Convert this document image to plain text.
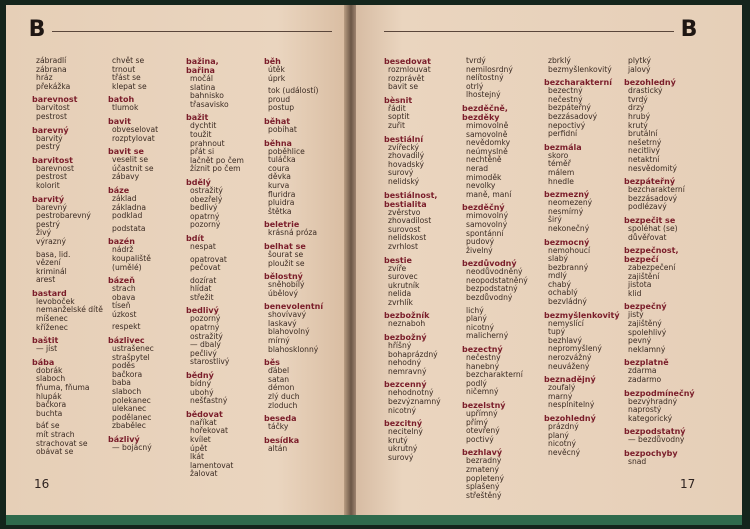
B
zábradlí
zábrana
hráz
překážka
barevnost
barvitost
pestrost
barevný
barvitý
pestrý
barvitost
barevnost
pestrost
kolorit
barvitý
barevný
pestrobarevný
pestrý
živý
výrazný
basa, lid.
vězení
kriminál
arest
bastard
levoboček
nemanželské dítě
míšenec
kříženec
baštit
— jíst
bába
dobrák
slaboch
fňuma, fňuma
hlupák
bačkora
buchta
báť se
mít strach
strachovat se
obávat se
chvět se
trnout
třást se
klepat se
batoh
tlumok
bavit
obveselovat
rozptylovat
bavit se
veselit se
účastnit se
zábavy
báze
základ
základna
podklad
podstata
bazén
nádrž
koupaliště
(umělé)
bázeň
strach
obava
tíseň
úzkost
respekt
bázlivec
ustrašenec
strašpytel
poděs
bačkora
baba
slaboch
polekanec
ulekanec
podělanec
zbabělec
bázlivý
— bojácný
bažina, bařina
močál
slatina
bahnisko
třasavisko
bažit
dychtit
toužit
prahnout
přát si
lačnět po čem
žíznit po čem
bdělý
ostražitý
obezřelý
bedlivý
opatrný
pozorný
bdít
nespat
opatrovat
pečovat
dozírat
hlídat
střežit
bedlivý
pozorný
opatrný
ostražitý
— dbalý
pečlivý
starostlivý
bědný
bídný
ubohý
nešťastný
bědovat
naříkat
hořekovat
kvílet
úpět
lkát
lamentovat
žalovat
běh
útěk
úprk
tok (událostí)
proud
postup
běhat
pobíhat
běhna
poběhlice
tuláčka
coura
děvka
kurva
fluridra
pluidra
štětka
beletrie
krásná próza
belhat se
šourat se
ploužit se
bělostný
sněhobílý
úbělový
benevolentní
shovívavý
laskavý
blahovolný
mírný
blahosklonný
běs
ďábel
satan
démon
zlý duch
zloduch
beseda
táčky
besídka
altán
16
B
besedovat
rozmlouvat
rozprávět
bavit se
bèsnit
řádit
soptit
zuřit
bestiální
zvířecký
zhovadilý
hovadský
surový
nelidský
bestiálnost, bestialita
zvěrstvo
zhovadilost
surovost
nelidskost
zvrhlost
bestie
zvíře
surovec
ukrutník
nelida
zvrhlík
bezbožník
neznaboh
bezbožný
hříšný
bohaprázdný
nehodný
nemravný
bezcenný
nehodnotný
bezvýznamný
nicotný
bezcitný
necitelný
krutý
ukrutný
surový
tvrdý
nemilosrdný
nelítostný
otrlý
lhostejný
bezděčně, bezděky
mimovolně
samovolně
nevědomky
neúmyslně
nechtěně
nerad
mimoděk
nevolky
maně, maní
bezděčný
mimovolný
samovolný
spontánní
pudový
živelný
bezdůvodný
neodůvodněný
neopodstatněný
bezpodstatný
bezdůvodný
lichý
planý
nicotný
malicherný
bezectný
nečestný
hanebný
bezcharakterní
podlý
ničemný
bezelstný
upřímný
přímý
otevřený
poctivý
bezhlavý
bezradný
zmatený
popletený
splašený
střeštěný
zbrklý
bezmyšlenkovitý
bezcharakterní
bezectný
nečestný
bezpáteřný
bezzásadový
nepoctivý
perfidní
bezmála
skoro
téměř
málem
hnedle
bezmezný
neomezený
nesmírný
širý
nekonečný
bezmocný
nemohoucí
slabý
bezbranný
mdlý
chabý
ochablý
bezvládný
bezmyšlenkovitý
nemyslící
tupý
bezhlavý
nepromyšlený
nerozvážný
neuvážený
beznadějný
zoufalý
marný
nesplnitelný
bezohledný
prázdný
planý
nicotný
nevěcný
plytký
jalový
bezohledný
drastický
tvrdý
drzý
hrubý
krutý
brutální
nešetrný
necitlivý
netaktní
nesvědomitý
bezpáteřný
bezcharakterní
bezzásadový
podlézavý
bezpečit se
spoléhat (se)
důvěřovat
bezpečnost, bezpečí
zabezpečení
zajištění
jistota
klid
bezpečný
jistý
zajištěný
spolehlivý
pevný
neklamný
bezplatně
zdarma
zadarmo
bezpodmínečný
bezvýhradný
naprostý
kategorický
bezpodstatný
— bezdůvodný
bezpochyby
snad
17
